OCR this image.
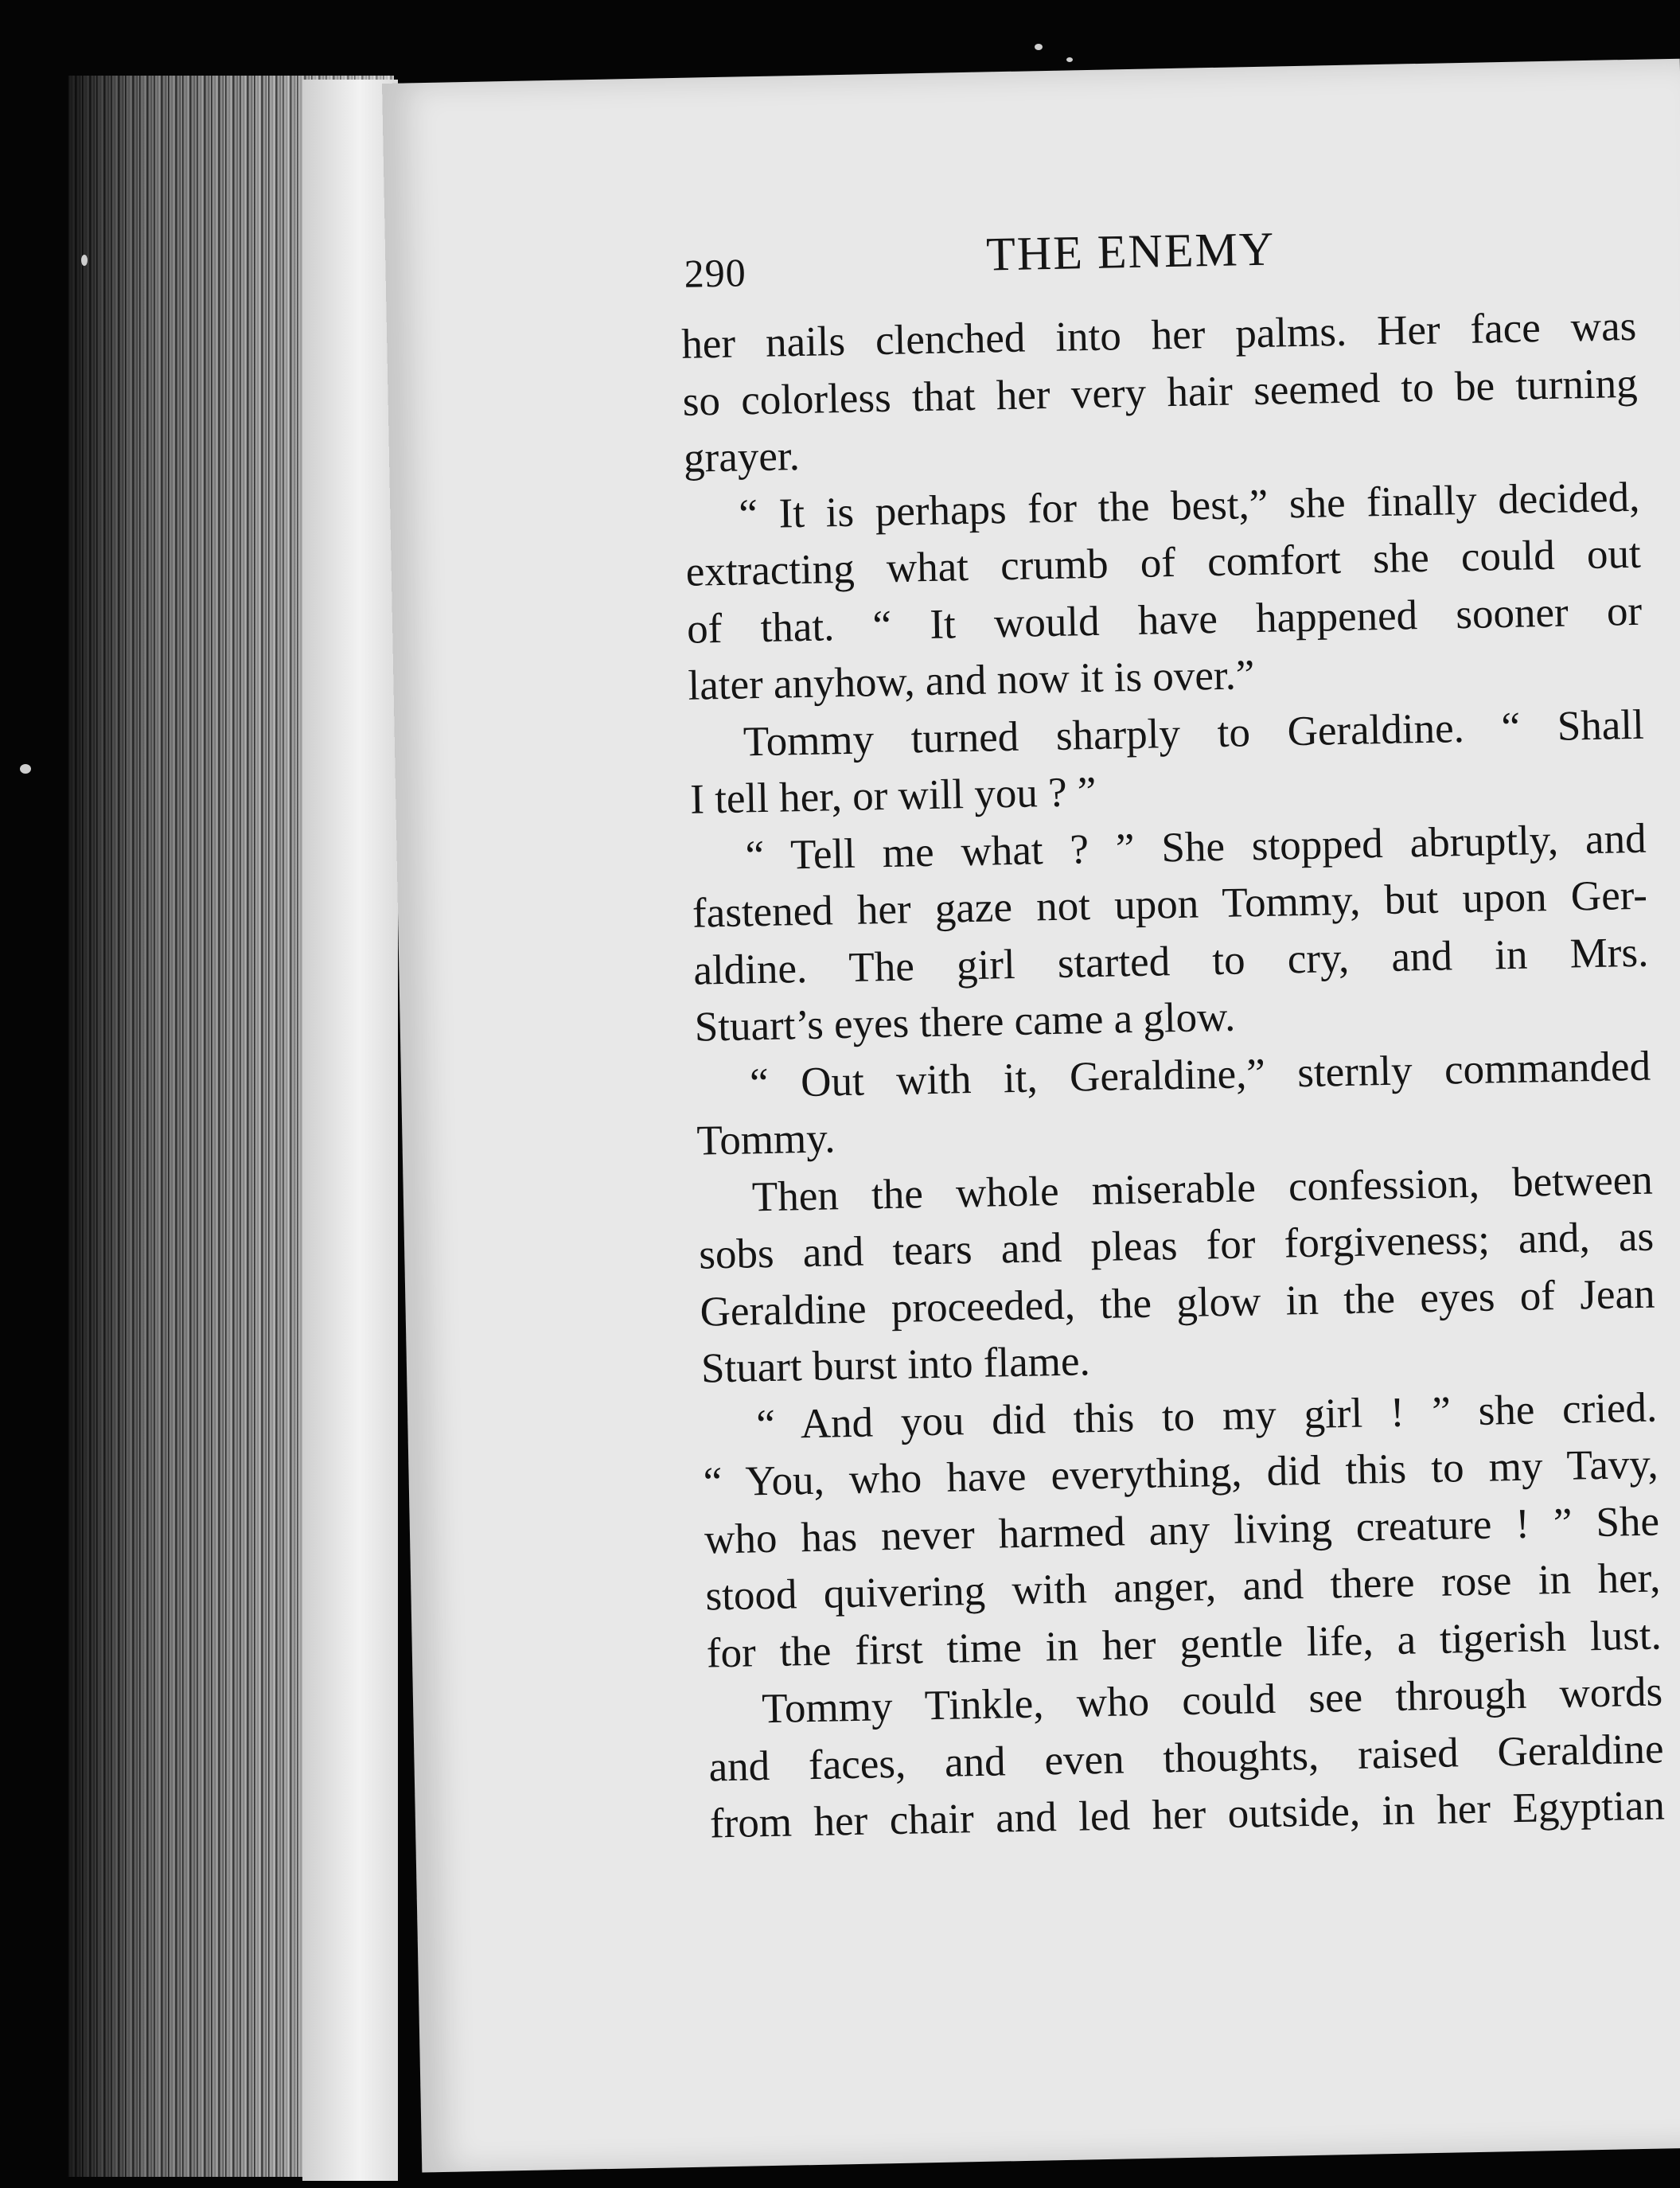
290	THE ENEMY
her nails clenched into her palms. Her face was
so colorless that her very hair seemed to be turning
grayer.
“ It is perhaps for the best,” she finally decided,
extracting what crumb of comfort she could out
of that. “ It would have happened sooner or
later anyhow, and now it is over.”
Tommy turned sharply to Geraldine. “ Shall
I tell her, or will you ? ”
“ Tell me what ? ” She stopped abruptly, and
fastened her gaze not upon Tommy, but upon Ger-
aldine. The girl started to cry, and in Mrs.
Stuart’s eyes there came a glow.
“ Out with it, Geraldine,” sternly commanded
Tommy.
Then the whole miserable confession, between
sobs and tears and pleas for forgiveness; and, as
Geraldine proceeded, the glow in the eyes of Jean
Stuart burst into flame.
“ And you did this to my girl ! ” she cried.
“ You, who have everything, did this to my Tavy,
who has never harmed any living creature ! ” She
stood quivering with anger, and there rose in her,
for the first time in her gentle life, a tigerish lust.
Tommy Tinkle, who could see through words
and faces, and even thoughts, raised Geraldine
from her chair and led her outside, in her Egyptian
